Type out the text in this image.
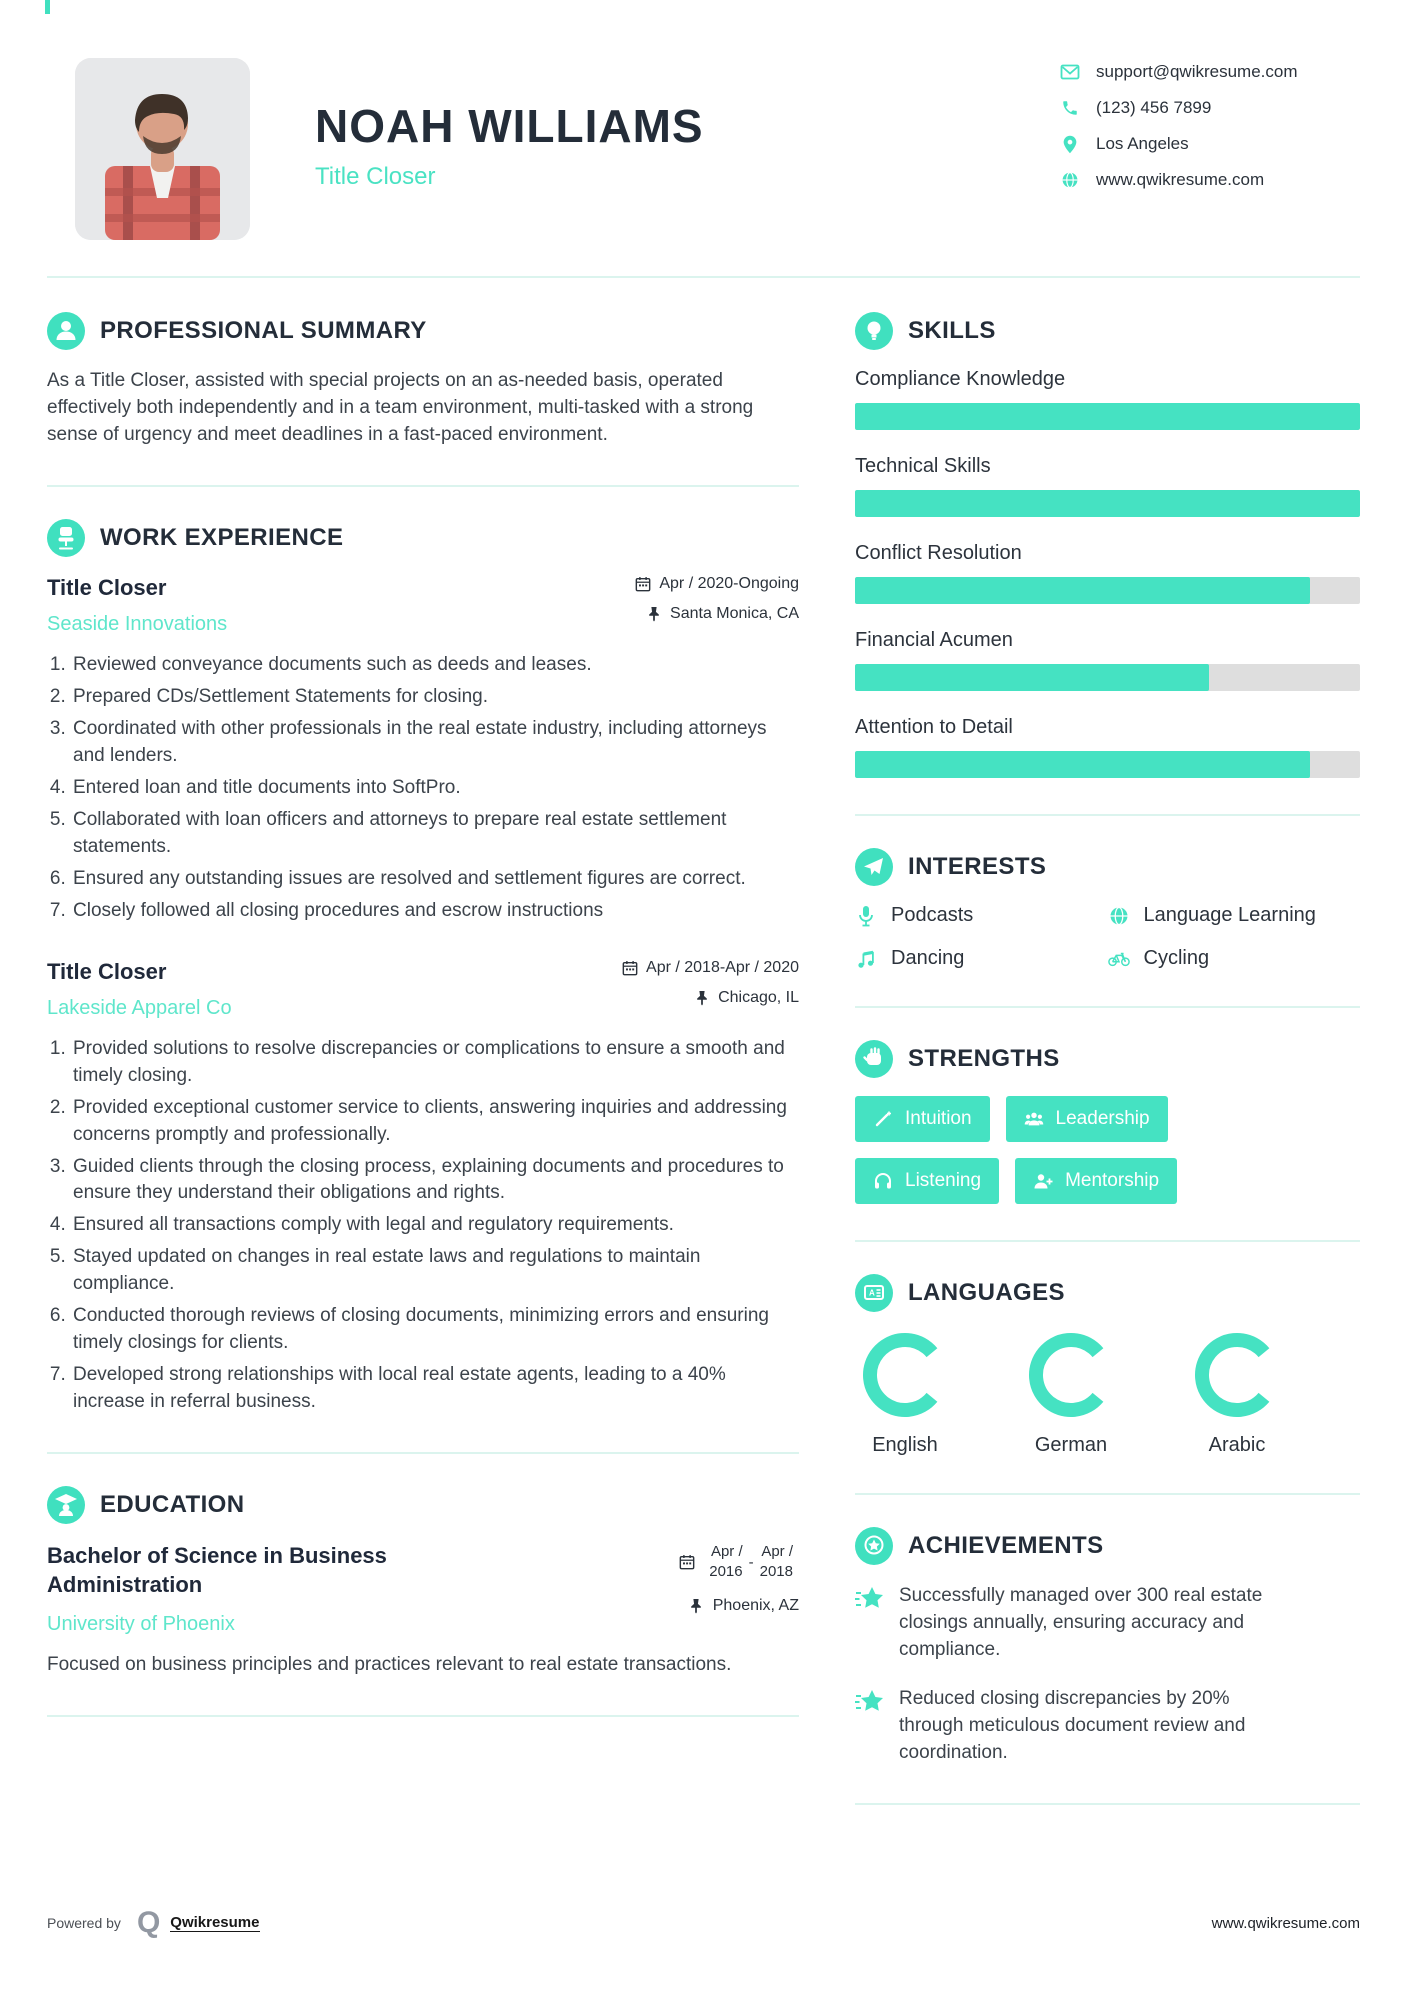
NOAH WILLIAMS
Title Closer
support@qwikresume.com
(123) 456 7899
Los Angeles
www.qwikresume.com
PROFESSIONAL SUMMARY
As a Title Closer, assisted with special projects on an as-needed basis, operated effectively both independently and in a team environment, multi-tasked with a strong sense of urgency and meet deadlines in a fast-paced environment.
WORK EXPERIENCE
Title Closer
Seaside Innovations
Apr / 2020-Ongoing
Santa Monica, CA
1. Reviewed conveyance documents such as deeds and leases.
2. Prepared CDs/Settlement Statements for closing.
3. Coordinated with other professionals in the real estate industry, including attorneys and lenders.
4. Entered loan and title documents into SoftPro.
5. Collaborated with loan officers and attorneys to prepare real estate settlement statements.
6. Ensured any outstanding issues are resolved and settlement figures are correct.
7. Closely followed all closing procedures and escrow instructions
Title Closer
Lakeside Apparel Co
Apr / 2018-Apr / 2020
Chicago, IL
1. Provided solutions to resolve discrepancies or complications to ensure a smooth and timely closing.
2. Provided exceptional customer service to clients, answering inquiries and addressing concerns promptly and professionally.
3. Guided clients through the closing process, explaining documents and procedures to ensure they understand their obligations and rights.
4. Ensured all transactions comply with legal and regulatory requirements.
5. Stayed updated on changes in real estate laws and regulations to maintain compliance.
6. Conducted thorough reviews of closing documents, minimizing errors and ensuring timely closings for clients.
7. Developed strong relationships with local real estate agents, leading to a 40% increase in referral business.
EDUCATION
Bachelor of Science in Business Administration
University of Phoenix
Apr /
2016
-
Apr /
2018
Phoenix, AZ
Focused on business principles and practices relevant to real estate transactions.
SKILLS
Compliance Knowledge
Technical Skills
Conflict Resolution
Financial Acumen
Attention to Detail
INTERESTS
Podcasts	Language Learning
Dancing	Cycling
STRENGTHS
Intuition	Leadership
Listening	Mentorship
A LANGUAGES
English	German	Arabic
ACHIEVEMENTS
Successfully managed over 300 real estate closings annually, ensuring accuracy and compliance.
Reduced closing discrepancies by 20% through meticulous document review and coordination.
Powered by Q Qwikresume	www.qwikresume.com
